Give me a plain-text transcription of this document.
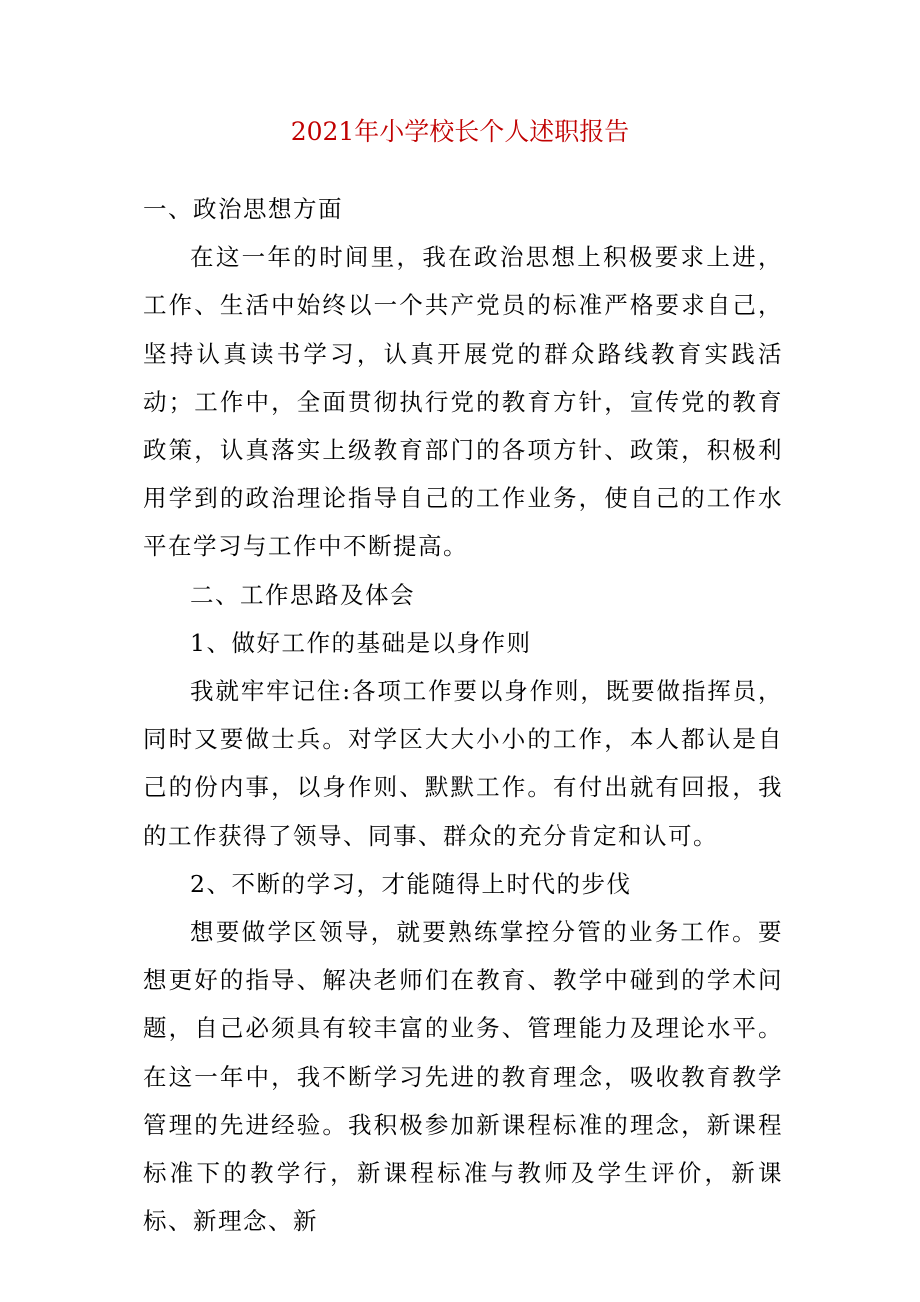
2021年小学校长个人述职报告

一、政治思想方面

在这一年的时间里，我在政治思想上积极要求上进，工作、生活中始终以一个共产党员的标准严格要求自己，坚持认真读书学习，认真开展党的群众路线教育实践活动；工作中，全面贯彻执行党的教育方针，宣传党的教育政策，认真落实上级教育部门的各项方针、政策，积极利用学到的政治理论指导自己的工作业务，使自己的工作水平在学习与工作中不断提高。

二、工作思路及体会

1、做好工作的基础是以身作则

我就牢牢记住:各项工作要以身作则，既要做指挥员，同时又要做士兵。对学区大大小小的工作，本人都认是自己的份内事，以身作则、默默工作。有付出就有回报，我的工作获得了领导、同事、群众的充分肯定和认可。

2、不断的学习，才能随得上时代的步伐

想要做学区领导，就要熟练掌控分管的业务工作。要想更好的指导、解决老师们在教育、教学中碰到的学术问题，自己必须具有较丰富的业务、管理能力及理论水平。在这一年中，我不断学习先进的教育理念，吸收教育教学管理的先进经验。我积极参加新课程标准的理念，新课程标准下的教学行，新课程标准与教师及学生评价，新课标、新理念、新
